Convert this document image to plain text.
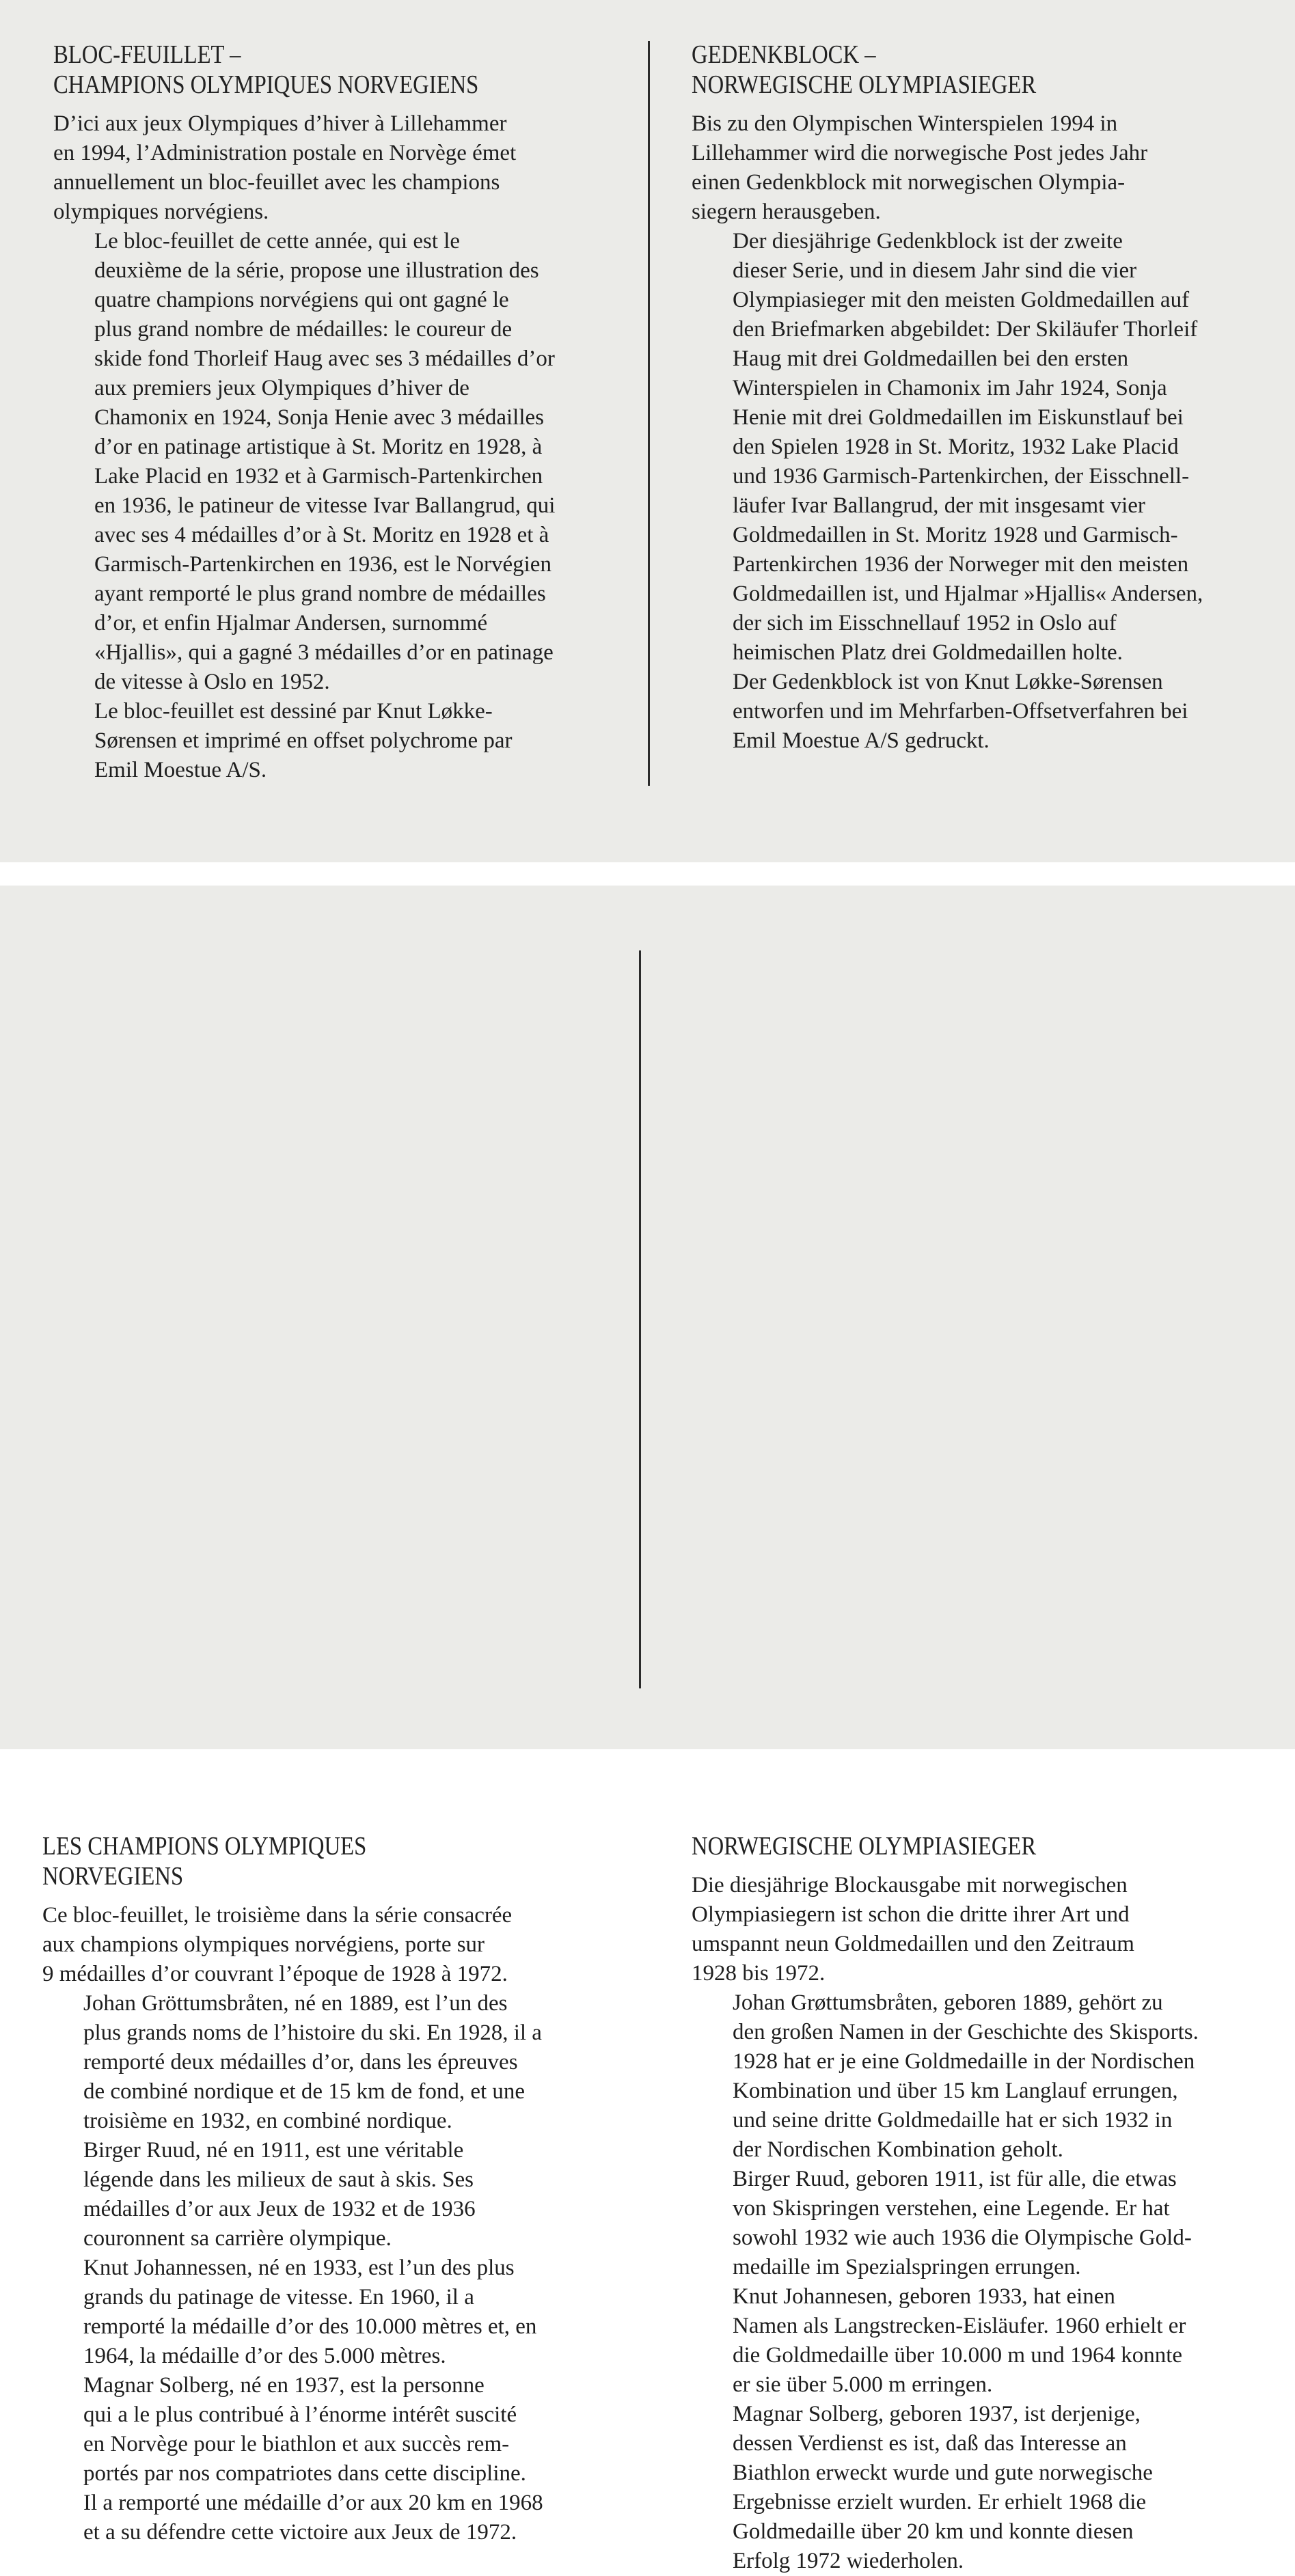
BLOC-FEUILLET –
CHAMPIONS OLYMPIQUES NORVEGIENS

D’ici aux jeux Olympiques d’hiver à Lillehammer
en 1994, l’Administration postale en Norvège émet
annuellement un bloc-feuillet avec les champions
olympiques norvégiens.

Le bloc-feuillet de cette année, qui est le
deuxième de la série, propose une illustration des
quatre champions norvégiens qui ont gagné le
plus grand nombre de médailles: le coureur de
skide fond Thorleif Haug avec ses 3 médailles d’or
aux premiers jeux Olympiques d’hiver de
Chamonix en 1924, Sonja Henie avec 3 médailles
d’or en patinage artistique à St. Moritz en 1928, à
Lake Placid en 1932 et à Garmisch-Partenkirchen
en 1936, le patineur de vitesse Ivar Ballangrud, qui
avec ses 4 médailles d’or à St. Moritz en 1928 et à
Garmisch-Partenkirchen en 1936, est le Norvégien
ayant remporté le plus grand nombre de médailles
d’or, et enfin Hjalmar Andersen, surnommé
«Hjallis», qui a gagné 3 médailles d’or en patinage
de vitesse à Oslo en 1952.

Le bloc-feuillet est dessiné par Knut Løkke-
Sørensen et imprimé en offset polychrome par
Emil Moestue A/S.

GEDENKBLOCK –
NORWEGISCHE OLYMPIASIEGER

Bis zu den Olympischen Winterspielen 1994 in
Lillehammer wird die norwegische Post jedes Jahr
einen Gedenkblock mit norwegischen Olympia-
siegern herausgeben.

Der diesjährige Gedenkblock ist der zweite
dieser Serie, und in diesem Jahr sind die vier
Olympiasieger mit den meisten Goldmedaillen auf
den Briefmarken abgebildet: Der Skiläufer Thorleif
Haug mit drei Goldmedaillen bei den ersten
Winterspielen in Chamonix im Jahr 1924, Sonja
Henie mit drei Goldmedaillen im Eiskunstlauf bei
den Spielen 1928 in St. Moritz, 1932 Lake Placid
und 1936 Garmisch-Partenkirchen, der Eisschnell-
läufer Ivar Ballangrud, der mit insgesamt vier
Goldmedaillen in St. Moritz 1928 und Garmisch-
Partenkirchen 1936 der Norweger mit den meisten
Goldmedaillen ist, und Hjalmar »Hjallis« Andersen,
der sich im Eisschnellauf 1952 in Oslo auf
heimischen Platz drei Goldmedaillen holte.

Der Gedenkblock ist von Knut Løkke-Sørensen
entworfen und im Mehrfarben-Offsetverfahren bei
Emil Moestue A/S gedruckt.

LES CHAMPIONS OLYMPIQUES
NORVEGIENS

Ce bloc-feuillet, le troisième dans la série consacrée
aux champions olympiques norvégiens, porte sur
9 médailles d’or couvrant l’époque de 1928 à 1972.

Johan Gröttumsbråten, né en 1889, est l’un des
plus grands noms de l’histoire du ski. En 1928, il a
remporté deux médailles d’or, dans les épreuves
de combiné nordique et de 15 km de fond, et une
troisième en 1932, en combiné nordique.

Birger Ruud, né en 1911, est une véritable
légende dans les milieux de saut à skis. Ses
médailles d’or aux Jeux de 1932 et de 1936
couronnent sa carrière olympique.

Knut Johannessen, né en 1933, est l’un des plus
grands du patinage de vitesse. En 1960, il a
remporté la médaille d’or des 10.000 mètres et, en
1964, la médaille d’or des 5.000 mètres.

Magnar Solberg, né en 1937, est la personne
qui a le plus contribué à l’énorme intérêt suscité
en Norvège pour le biathlon et aux succès rem-
portés par nos compatriotes dans cette discipline.
Il a remporté une médaille d’or aux 20 km en 1968
et a su défendre cette victoire aux Jeux de 1972.

NORWEGISCHE OLYMPIASIEGER

Die diesjährige Blockausgabe mit norwegischen
Olympiasiegern ist schon die dritte ihrer Art und
umspannt neun Goldmedaillen und den Zeitraum
1928 bis 1972.

Johan Grøttumsbråten, geboren 1889, gehört zu
den großen Namen in der Geschichte des Skisports.
1928 hat er je eine Goldmedaille in der Nordischen
Kombination und über 15 km Langlauf errungen,
und seine dritte Goldmedaille hat er sich 1932 in
der Nordischen Kombination geholt.

Birger Ruud, geboren 1911, ist für alle, die etwas
von Skispringen verstehen, eine Legende. Er hat
sowohl 1932 wie auch 1936 die Olympische Gold-
medaille im Spezialspringen errungen.

Knut Johannesen, geboren 1933, hat einen
Namen als Langstrecken-Eisläufer. 1960 erhielt er
die Goldmedaille über 10.000 m und 1964 konnte
er sie über 5.000 m erringen.

Magnar Solberg, geboren 1937, ist derjenige,
dessen Verdienst es ist, daß das Interesse an
Biathlon erweckt wurde und gute norwegische
Ergebnisse erzielt wurden. Er erhielt 1968 die
Goldmedaille über 20 km und konnte diesen
Erfolg 1972 wiederholen.
